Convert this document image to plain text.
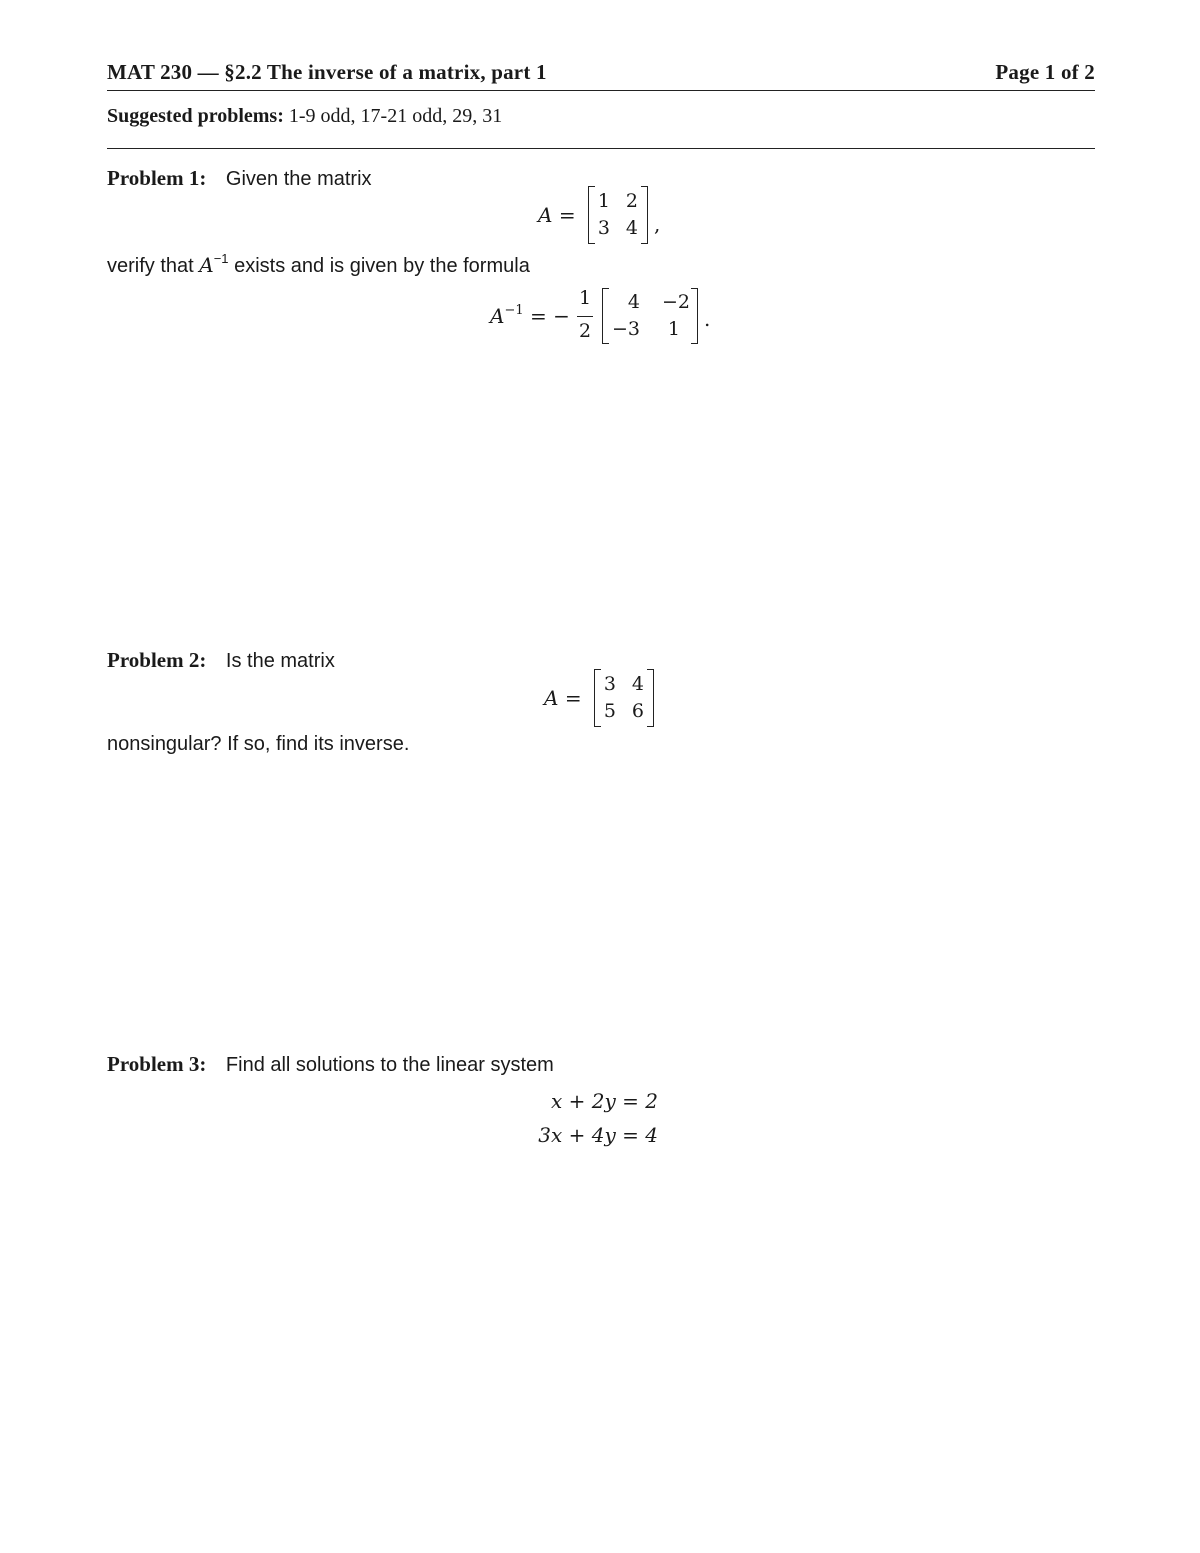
MAT 230 — §2.2 The inverse of a matrix, part 1	Page 1 of 2
Suggested problems: 1-9 odd, 17-21 odd, 29, 31
Problem 1: Given the matrix
A =
1 2
3 4 ,
verify that $A^{-1}$ exists and is given by the formula
$A^{-1}$ = −
1
2
4	−2
−3	1 .
Problem 2: Is the matrix
A =
3 4
5 6
nonsingular? If so, find its inverse.
Problem 3: Find all solutions to the linear system
x + 2y = 2
3x + 4y = 4
